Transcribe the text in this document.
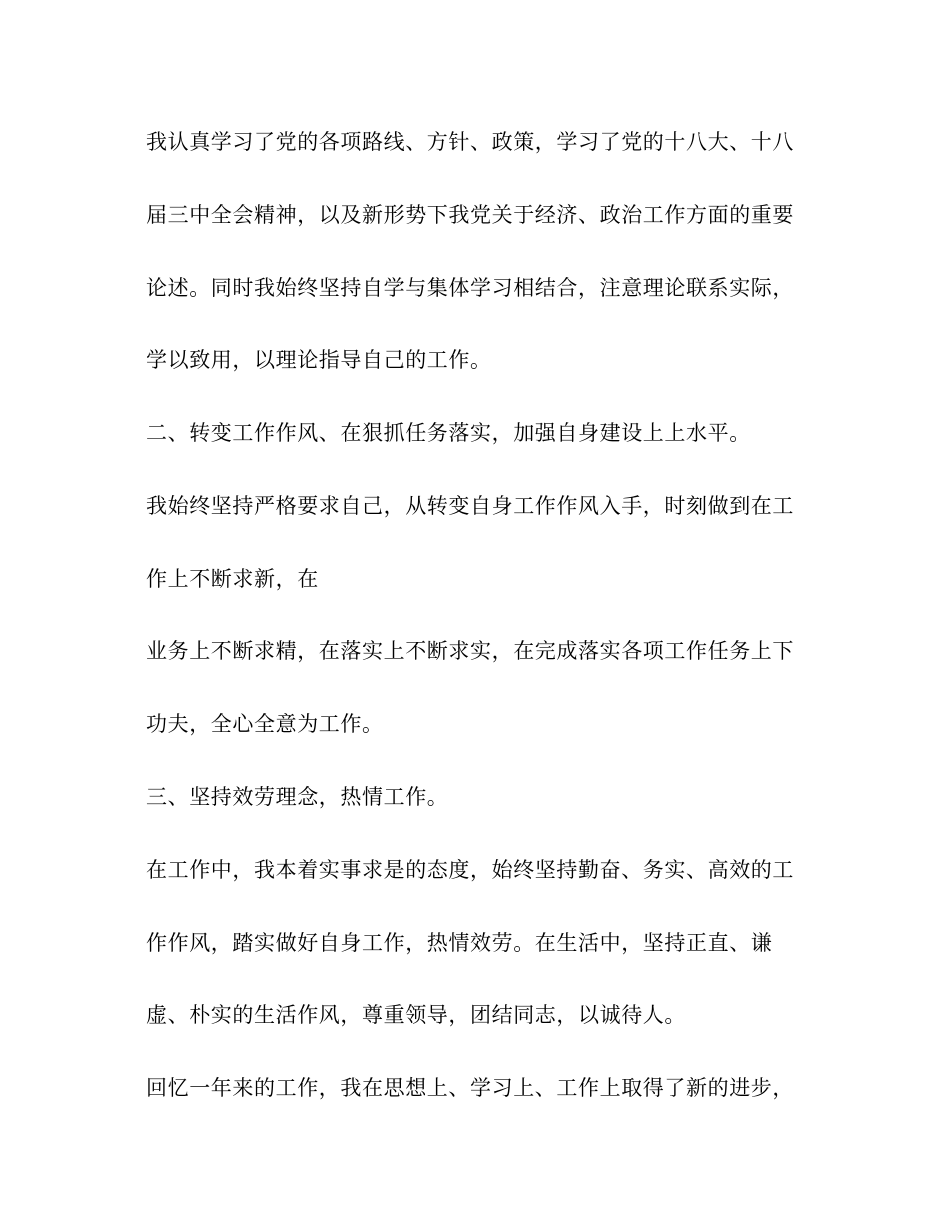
我认真学习了党的各项路线、方针、政策，学习了党的十八大、十八
届三中全会精神，以及新形势下我党关于经济、政治工作方面的重要
论述。同时我始终坚持自学与集体学习相结合，注意理论联系实际，
学以致用，以理论指导自己的工作。
二、转变工作作风、在狠抓任务落实，加强自身建设上上水平。
我始终坚持严格要求自己，从转变自身工作作风入手，时刻做到在工
作上不断求新，在
业务上不断求精，在落实上不断求实，在完成落实各项工作任务上下
功夫，全心全意为工作。
三、坚持效劳理念，热情工作。
在工作中，我本着实事求是的态度，始终坚持勤奋、务实、高效的工
作作风，踏实做好自身工作，热情效劳。在生活中，坚持正直、谦
虚、朴实的生活作风，尊重领导，团结同志，以诚待人。
回忆一年来的工作，我在思想上、学习上、工作上取得了新的进步，
